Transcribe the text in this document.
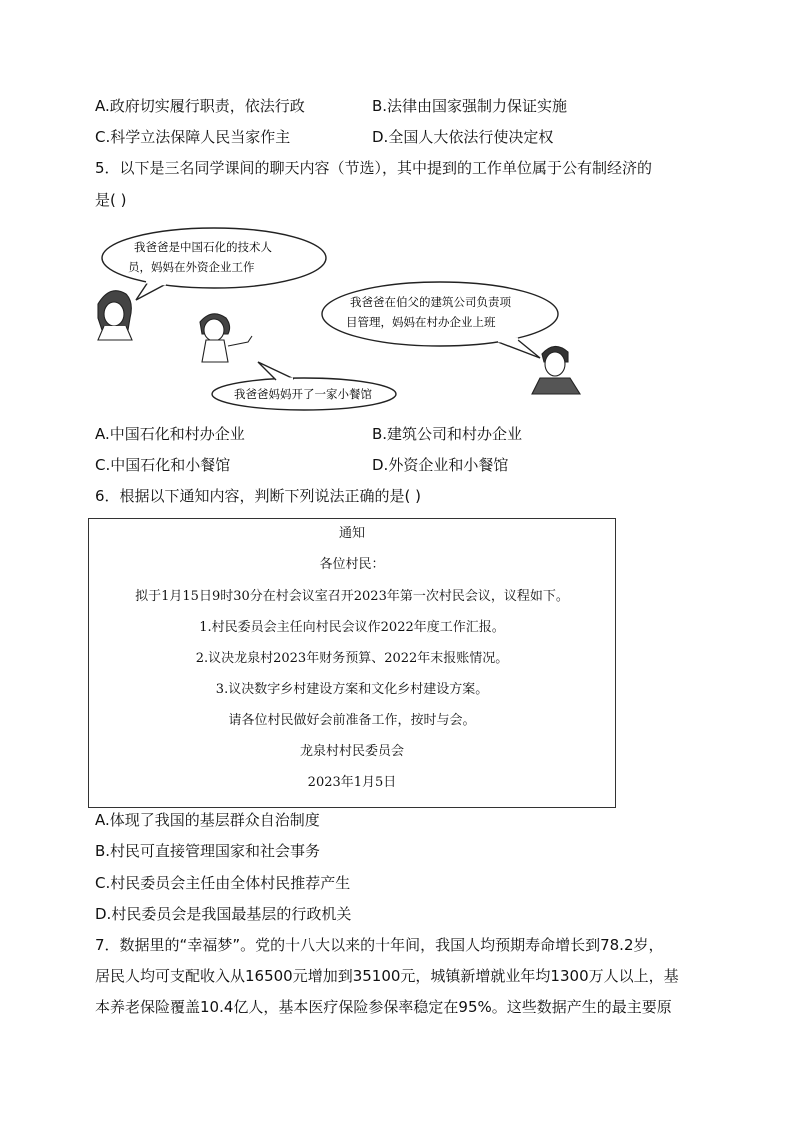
A.政府切实履行职责，依法行政	B.法律由国家强制力保证实施
C.科学立法保障人民当家作主	D.全国人大依法行使决定权
5．以下是三名同学课间的聊天内容（节选），其中提到的工作单位属于公有制经济的
是( )
我爸爸是中国石化的技术人
员，妈妈在外资企业工作
我爸爸在伯父的建筑公司负责项
目管理，妈妈在村办企业上班
我爸爸妈妈开了一家小餐馆
A.中国石化和村办企业	B.建筑公司和村办企业
C.中国石化和小餐馆	D.外资企业和小餐馆
6．根据以下通知内容，判断下列说法正确的是( )
通知
各位村民：
拟于1月15日9时30分在村会议室召开2023年第一次村民会议，议程如下。
1.村民委员会主任向村民会议作2022年度工作汇报。
2.议决龙泉村2023年财务预算、2022年末报账情况。
3.议决数字乡村建设方案和文化乡村建设方案。
请各位村民做好会前准备工作，按时与会。
龙泉村村民委员会
2023年1月5日
A.体现了我国的基层群众自治制度
B.村民可直接管理国家和社会事务
C.村民委员会主任由全体村民推荐产生
D.村民委员会是我国最基层的行政机关
7．数据里的“幸福梦”。党的十八大以来的十年间，我国人均预期寿命增长到78.2岁，
居民人均可支配收入从16500元增加到35100元，城镇新增就业年均1300万人以上，基
本养老保险覆盖10.4亿人，基本医疗保险参保率稳定在95%。这些数据产生的最主要原
